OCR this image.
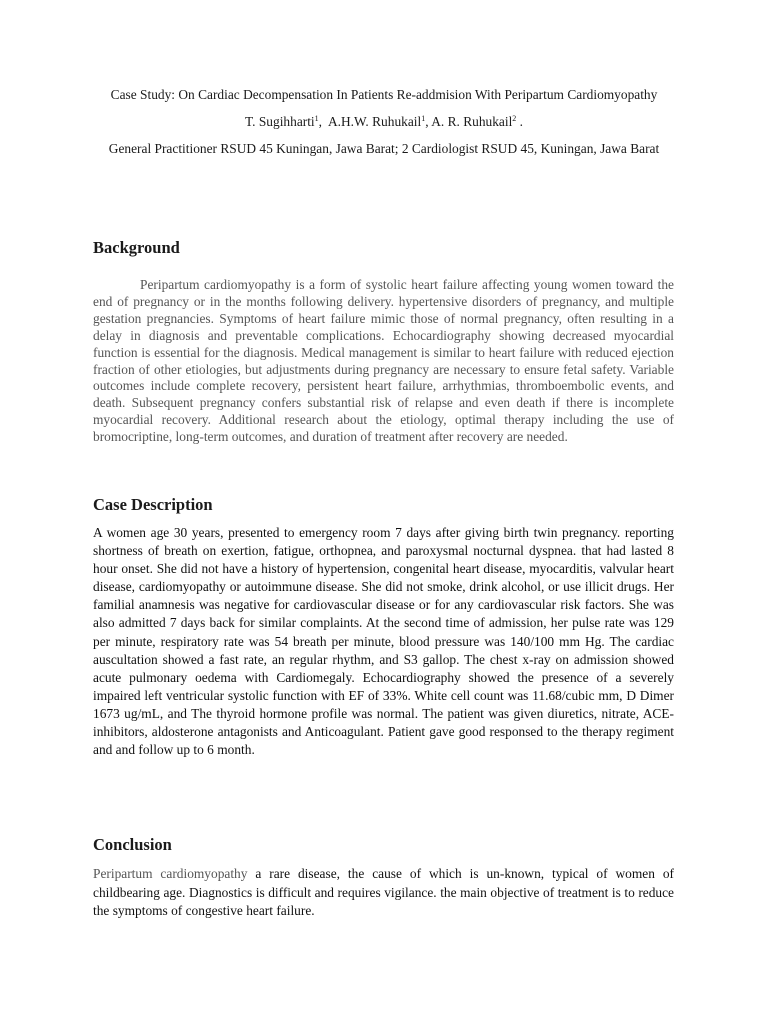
Case Study: On Cardiac Decompensation In Patients Re-addmision With Peripartum Cardiomyopathy

T. Sugihharti$^1$,  A.H.W. Ruhukail$^1$, A. R. Ruhukail$^2$ .

General Practitioner RSUD 45 Kuningan, Jawa Barat; 2 Cardiologist RSUD 45, Kuningan, Jawa Barat

Background

Peripartum cardiomyopathy is a form of systolic heart failure affecting young women toward the end of pregnancy or in the months following delivery. hypertensive disorders of pregnancy, and multiple gestation pregnancies. Symptoms of heart failure mimic those of normal pregnancy, often resulting in a delay in diagnosis and preventable complications. Echocardiography showing decreased myocardial function is essential for the diagnosis. Medical management is similar to heart failure with reduced ejection fraction of other etiologies, but adjustments during pregnancy are necessary to ensure fetal safety. Variable outcomes include complete recovery, persistent heart failure, arrhythmias, thromboembolic events, and death. Subsequent pregnancy confers substantial risk of relapse and even death if there is incomplete myocardial recovery. Additional research about the etiology, optimal therapy including the use of bromocriptine, long-term outcomes, and duration of treatment after recovery are needed.

Case Description

A women age 30 years, presented to emergency room 7 days after giving birth twin pregnancy. reporting shortness of breath on exertion, fatigue, orthopnea, and paroxysmal nocturnal dyspnea. that had lasted 8 hour onset. She did not have a history of hypertension, congenital heart disease, myocarditis, valvular heart disease, cardiomyopathy or autoimmune disease. She did not smoke, drink alcohol, or use illicit drugs. Her familial anamnesis was negative for cardiovascular disease or for any cardiovascular risk factors. She was also admitted 7 days back for similar complaints. At the second time of admission, her pulse rate was 129 per minute, respiratory rate was 54 breath per minute, blood pressure was 140/100 mm Hg. The cardiac auscultation showed a fast rate, an regular rhythm, and S3 gallop. The chest x-ray on admission showed acute pulmonary oedema with Cardiomegaly. Echocardiography showed the presence of a severely impaired left ventricular systolic function with EF of 33%. White cell count was 11.68/cubic mm, D Dimer 1673 ug/mL, and The thyroid hormone profile was normal. The patient was given diuretics, nitrate, ACE-inhibitors, aldosterone antagonists and Anticoagulant. Patient gave good responsed to the therapy regiment and and follow up to 6 month.

Conclusion

Peripartum cardiomyopathy a rare disease, the cause of which is un-known, typical of women of childbearing age. Diagnostics is difficult and requires vigilance. the main objective of treatment is to reduce the symptoms of congestive heart failure.
